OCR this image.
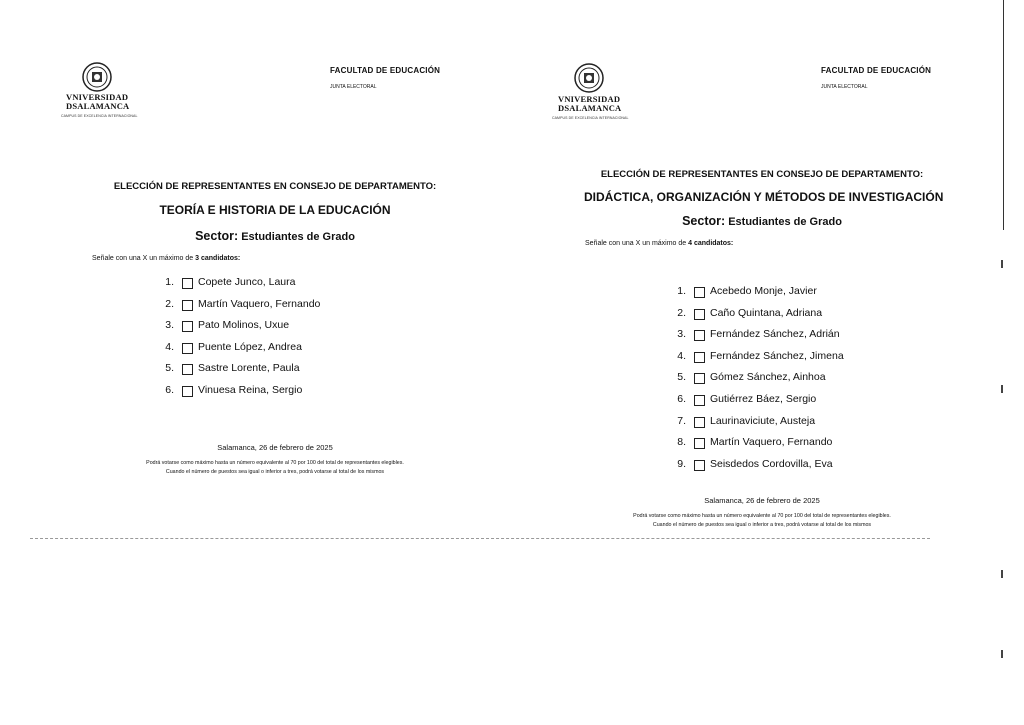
VNIVERSIDAD
DSALAMANCA
CAMPUS DE EXCELENCIA INTERNACIONAL
FACULTAD DE EDUCACIÓN
JUNTA ELECTORAL
ELECCIÓN DE REPRESENTANTES EN CONSEJO DE DEPARTAMENTO:
TEORÍA E HISTORIA DE LA EDUCACIÓN
Sector: Estudiantes de Grado
Señale con una X un máximo de 3 candidatos:
1. Copete Junco, Laura
2. Martín Vaquero, Fernando
3. Pato Molinos, Uxue
4. Puente López, Andrea
5. Sastre Lorente, Paula
6. Vinuesa Reina, Sergio
Salamanca, 26 de febrero de 2025
Podrá votarse como máximo hasta un número equivalente al 70 por 100 del total de representantes elegibles.
Cuando el número de puestos sea igual o inferior a tres, podrá votarse al total de los mismos
VNIVERSIDAD
DSALAMANCA
CAMPUS DE EXCELENCIA INTERNACIONAL
FACULTAD DE EDUCACIÓN
JUNTA ELECTORAL
ELECCIÓN DE REPRESENTANTES EN CONSEJO DE DEPARTAMENTO:
DIDÁCTICA, ORGANIZACIÓN Y MÉTODOS DE INVESTIGACIÓN
Sector: Estudiantes de Grado
Señale con una X un máximo de 4 candidatos:
1. Acebedo Monje, Javier
2. Caño Quintana, Adriana
3. Fernández Sánchez, Adrián
4. Fernández Sánchez, Jimena
5. Gómez Sánchez, Ainhoa
6. Gutiérrez Báez, Sergio
7. Laurinaviciute, Austeja
8. Martín Vaquero, Fernando
9. Seisdedos Cordovilla, Eva
Salamanca, 26 de febrero de 2025
Podrá votarse como máximo hasta un número equivalente al 70 por 100 del total de representantes elegibles.
Cuando el número de puestos sea igual o inferior a tres, podrá votarse al total de los mismos
